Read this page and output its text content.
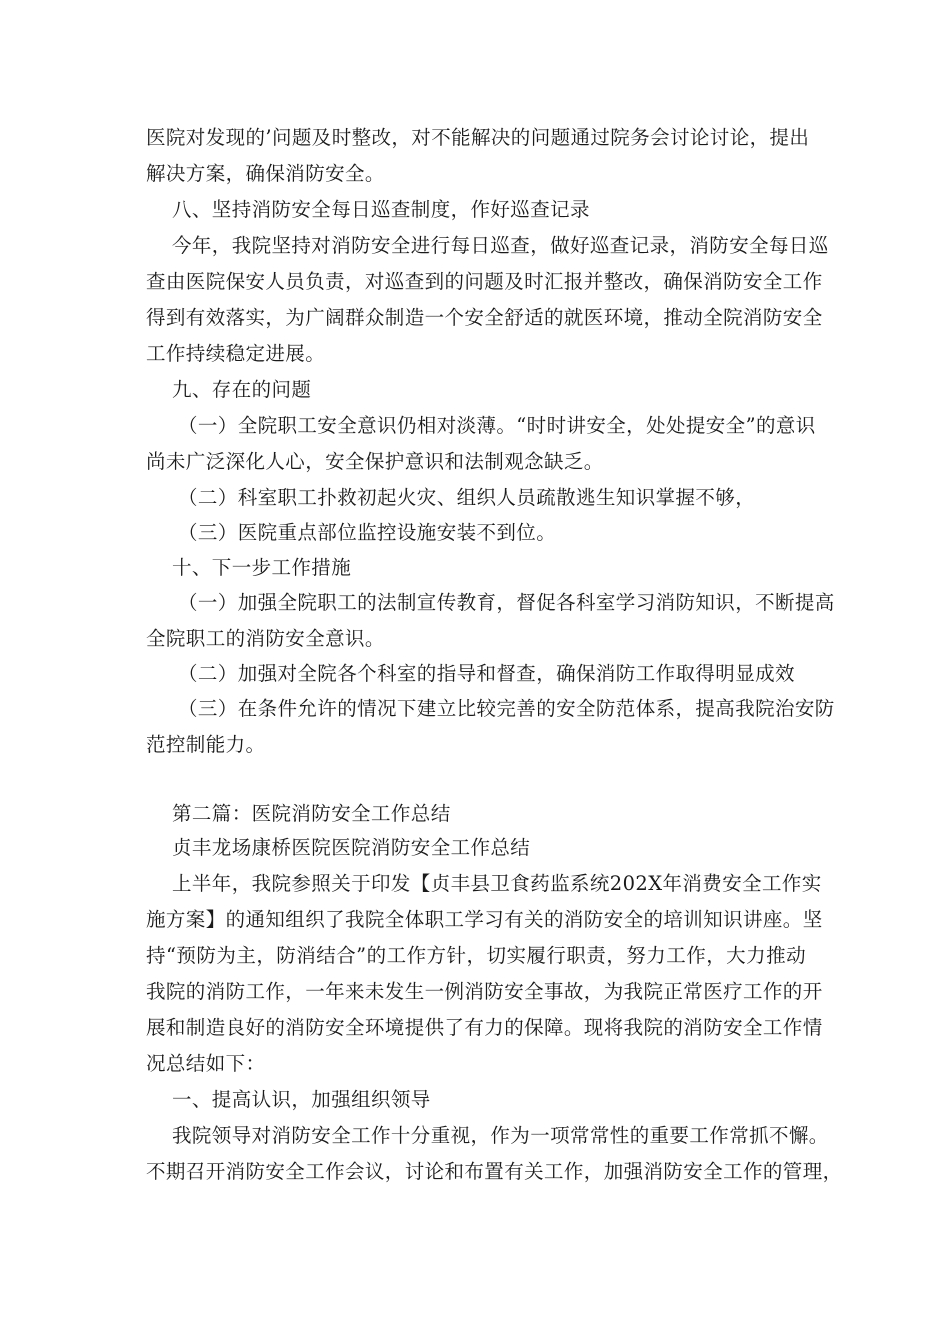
医院对发现的’问题及时整改，对不能解决的问题通过院务会讨论讨论，提出
解决方案，确保消防安全。
八、坚持消防安全每日巡查制度，作好巡查记录
今年，我院坚持对消防安全进行每日巡查，做好巡查记录，消防安全每日巡
查由医院保安人员负责，对巡查到的问题及时汇报并整改，确保消防安全工作
得到有效落实，为广阔群众制造一个安全舒适的就医环境，推动全院消防安全
工作持续稳定进展。
九、存在的问题
（一）全院职工安全意识仍相对淡薄。“时时讲安全，处处提安全”的意识
尚未广泛深化人心，安全保护意识和法制观念缺乏。
（二）科室职工扑救初起火灾、组织人员疏散逃生知识掌握不够，
（三）医院重点部位监控设施安装不到位。
十、下一步工作措施
（一）加强全院职工的法制宣传教育，督促各科室学习消防知识，不断提高
全院职工的消防安全意识。
（二）加强对全院各个科室的指导和督查，确保消防工作取得明显成效
（三）在条件允许的情况下建立比较完善的安全防范体系，提高我院治安防
范控制能力。
第二篇：医院消防安全工作总结
贞丰龙场康桥医院医院消防安全工作总结
上半年，我院参照关于印发【贞丰县卫食药监系统202X年消费安全工作实
施方案】的通知组织了我院全体职工学习有关的消防安全的培训知识讲座。坚
持“预防为主，防消结合”的工作方针，切实履行职责，努力工作，大力推动
我院的消防工作，一年来未发生一例消防安全事故，为我院正常医疗工作的开
展和制造良好的消防安全环境提供了有力的保障。现将我院的消防安全工作情
况总结如下：
一、提高认识，加强组织领导
我院领导对消防安全工作十分重视，作为一项常常性的重要工作常抓不懈。
不期召开消防安全工作会议，讨论和布置有关工作，加强消防安全工作的管理，
